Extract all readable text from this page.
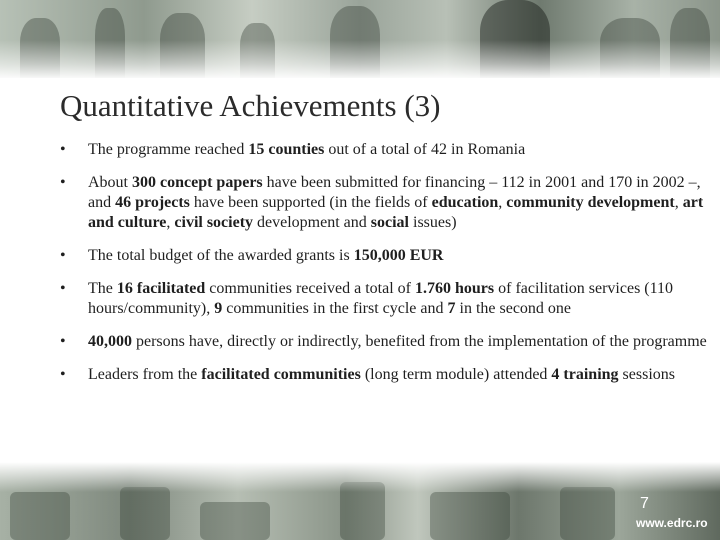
Quantitative Achievements (3)
• The programme reached 15 counties out of a total of 42 in Romania
• About 300 concept papers have been submitted for financing – 112 in 2001 and 170 in 2002 –, and 46 projects have been supported (in the fields of education, community development, art and culture, civil society development and social issues)
• The total budget of the awarded grants is 150,000 EUR
• The 16 facilitated communities received a total of 1.760 hours of facilitation services (110 hours/community), 9 communities in the first cycle and 7 in the second one
• 40,000 persons have, directly or indirectly, benefited from the implementation of the programme
• Leaders from the facilitated communities (long term module) attended 4 training sessions
7
www.edrc.ro
